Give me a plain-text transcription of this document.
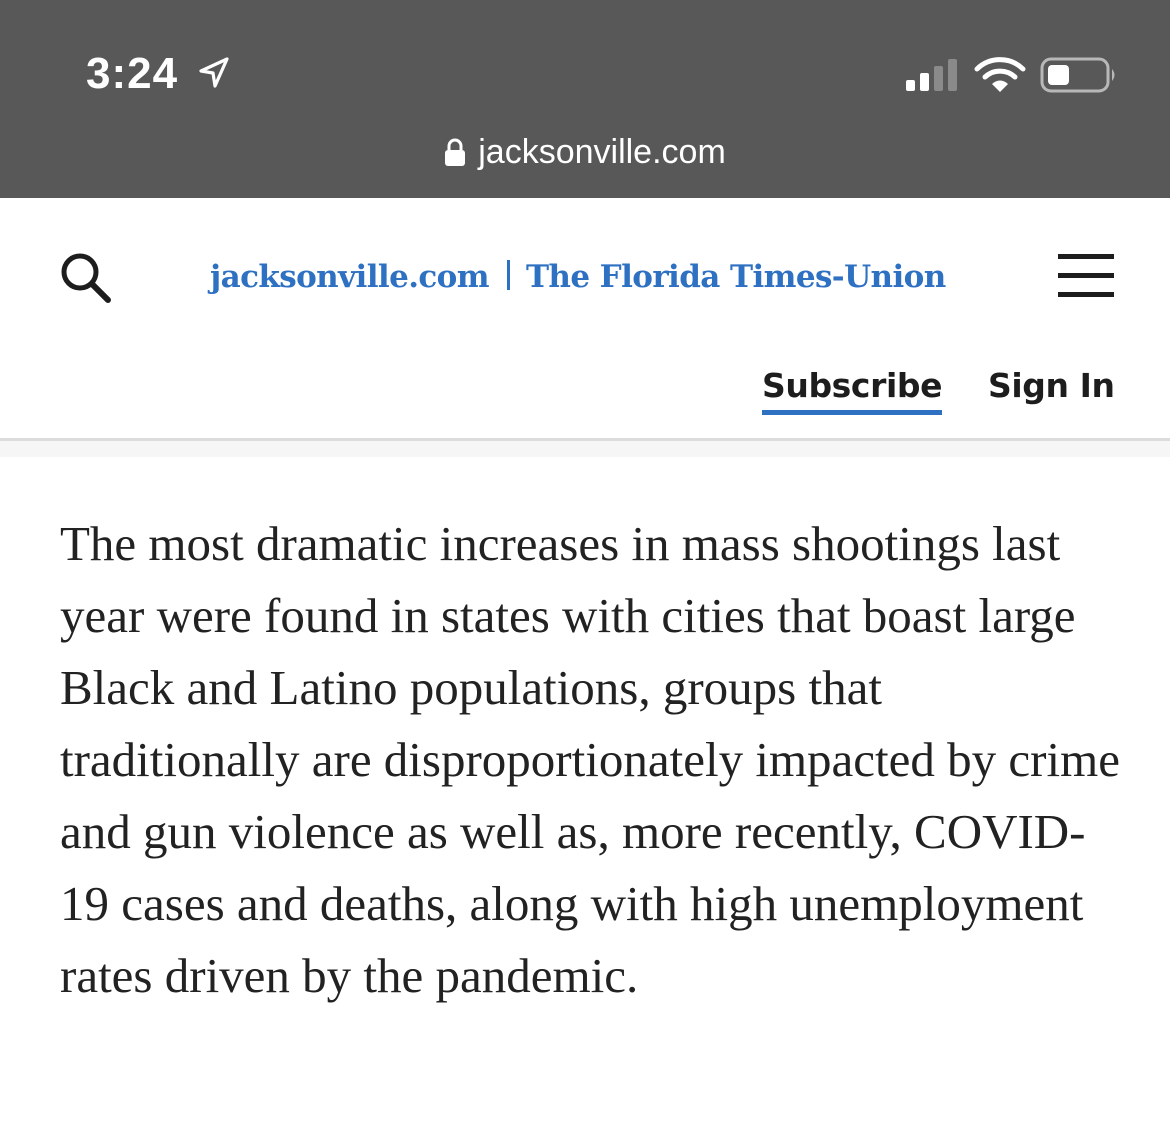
3:24
jacksonville.com
jacksonville.com The Florida Times-Union
Subscribe Sign In

The most dramatic increases in mass shootings last year were found in states with cities that boast large Black and Latino populations, groups that traditionally are disproportionately impacted by crime and gun violence as well as, more recently, COVID-19 cases and deaths, along with high unemployment rates driven by the pandemic.
